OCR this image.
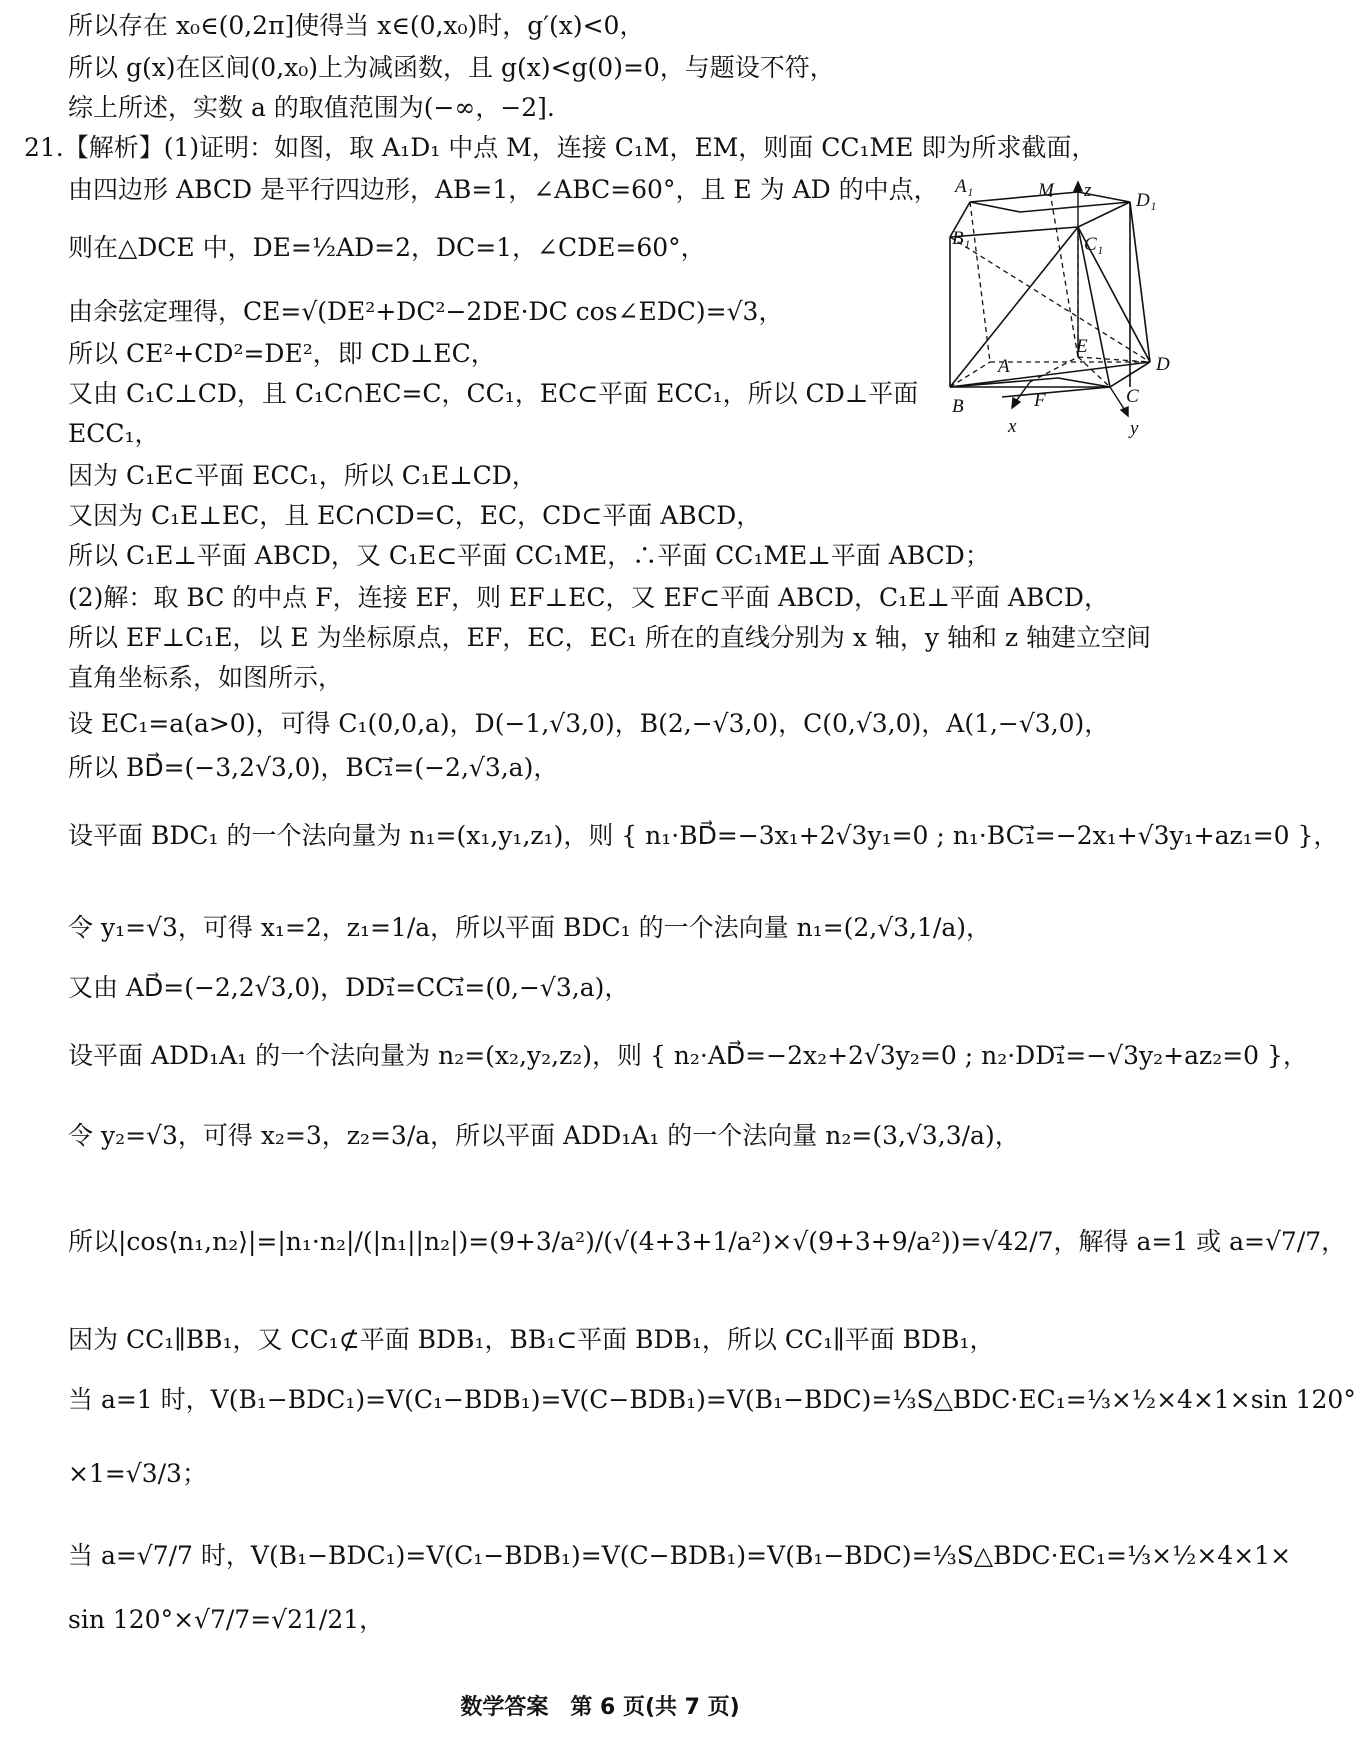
所以存在 x₀∈(0,2π]使得当 x∈(0,x₀)时，g′(x)<0，
所以 g(x)在区间(0,x₀)上为减函数，且 g(x)<g(0)=0，与题设不符，
综上所述，实数 a 的取值范围为(−∞，−2].
21.【解析】(1)证明：如图，取 A₁D₁ 中点 M，连接 C₁M，EM，则面 CC₁ME 即为所求截面，
由四边形 ABCD 是平行四边形，AB=1，∠ABC=60°，且 E 为 AD 的中点，
则在△DCE 中，DE=½AD=2，DC=1，∠CDE=60°，
由余弦定理得，CE=√(DE²+DC²−2DE·DC cos∠EDC)=√3，
所以 CE²+CD²=DE²，即 CD⊥EC，
又由 C₁C⊥CD，且 C₁C∩EC=C，CC₁，EC⊂平面 ECC₁，所以 CD⊥平面
ECC₁，
因为 C₁E⊂平面 ECC₁，所以 C₁E⊥CD，
又因为 C₁E⊥EC，且 EC∩CD=C，EC，CD⊂平面 ABCD，
所以 C₁E⊥平面 ABCD，又 C₁E⊂平面 CC₁ME，∴平面 CC₁ME⊥平面 ABCD；
(2)解：取 BC 的中点 F，连接 EF，则 EF⊥EC，又 EF⊂平面 ABCD，C₁E⊥平面 ABCD，
所以 EF⊥C₁E，以 E 为坐标原点，EF，EC，EC₁ 所在的直线分别为 x 轴，y 轴和 z 轴建立空间
直角坐标系，如图所示，
设 EC₁=a(a>0)，可得 C₁(0,0,a)，D(−1,√3,0)，B(2,−√3,0)，C(0,√3,0)，A(1,−√3,0)，
所以 BD⃗=(−3,2√3,0)，BC₁⃗=(−2,√3,a)，
设平面 BDC₁ 的一个法向量为 n₁=(x₁,y₁,z₁)，则 { n₁·BD⃗=−3x₁+2√3y₁=0 ; n₁·BC₁⃗=−2x₁+√3y₁+az₁=0 }，
令 y₁=√3，可得 x₁=2，z₁=1/a，所以平面 BDC₁ 的一个法向量 n₁=(2,√3,1/a)，
又由 AD⃗=(−2,2√3,0)，DD₁⃗=CC₁⃗=(0,−√3,a)，
设平面 ADD₁A₁ 的一个法向量为 n₂=(x₂,y₂,z₂)，则 { n₂·AD⃗=−2x₂+2√3y₂=0 ; n₂·DD₁⃗=−√3y₂+az₂=0 }，
令 y₂=√3，可得 x₂=3，z₂=3/a，所以平面 ADD₁A₁ 的一个法向量 n₂=(3,√3,3/a)，
所以|cos⟨n₁,n₂⟩|=|n₁·n₂|/(|n₁||n₂|)=(9+3/a²)/(√(4+3+1/a²)×√(9+3+9/a²))=√42/7，解得 a=1 或 a=√7/7，
因为 CC₁∥BB₁，又 CC₁⊄平面 BDB₁，BB₁⊂平面 BDB₁，所以 CC₁∥平面 BDB₁，
当 a=1 时，V(B₁−BDC₁)=V(C₁−BDB₁)=V(C−BDB₁)=V(B₁−BDC)=⅓S△BDC·EC₁=⅓×½×4×1×sin 120°
×1=√3/3；
当 a=√7/7 时，V(B₁−BDC₁)=V(C₁−BDB₁)=V(C−BDB₁)=V(B₁−BDC)=⅓S△BDC·EC₁=⅓×½×4×1×
sin 120°×√7/7=√21/21，
A₁	M z D₁
B₁	C₁
E
A	D
B	F	C
x	y
数学答案　第 6 页(共 7 页)
